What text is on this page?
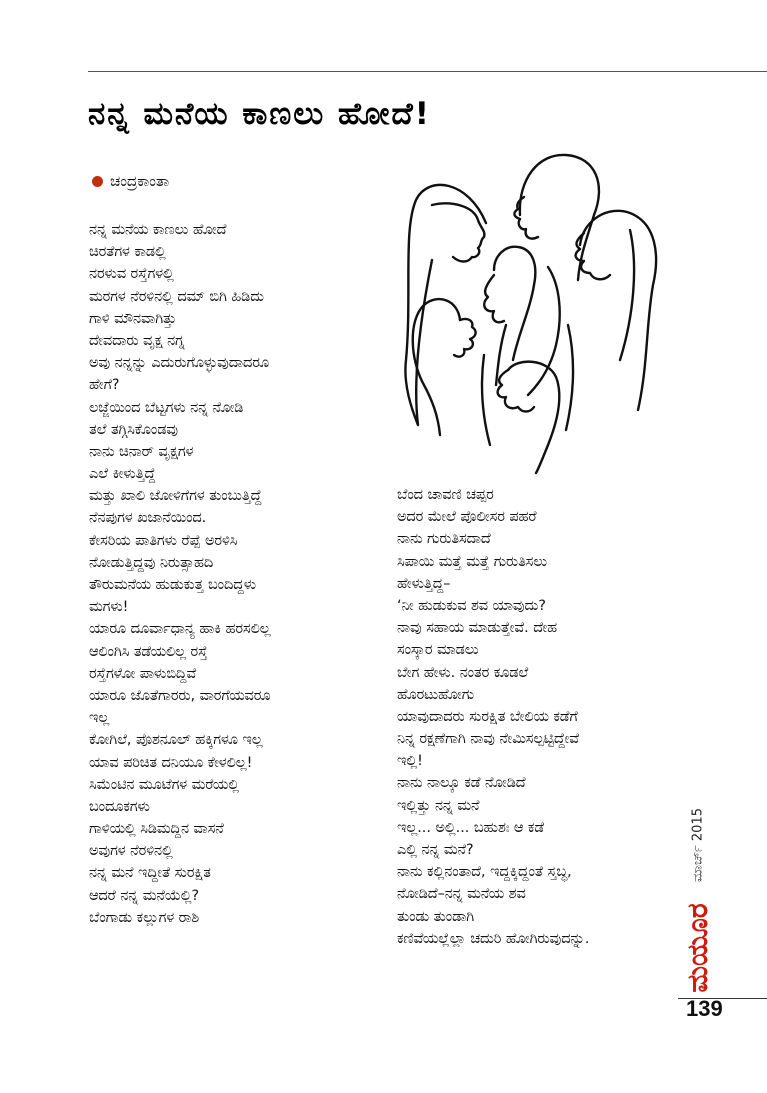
ನನ್ನ ಮನೆಯ ಕಾಣಲು ಹೋದೆ!
ಚಂದ್ರಕಾಂತಾ
ನನ್ನ ಮನೆಯ ಕಾಣಲು ಹೋದೆ
ಚಿರತೆಗಳ ಕಾಡಲ್ಲಿ
ನರಳುವ ರಸ್ತೆಗಳಲ್ಲಿ
ಮರಗಳ ನೆರಳಿನಲ್ಲಿ ದಮ್ ಬಿಗಿ ಹಿಡಿದು
ಗಾಳಿ ಮೌನವಾಗಿತ್ತು
ದೇವದಾರು ವೃಕ್ಷ ನಗ್ನ
ಅವು ನನ್ನನ್ನು ಎದುರುಗೊಳ್ಳುವುದಾದರೂ
ಹೇಗೆ?
ಲಜ್ಜೆಯಿಂದ ಬೆಟ್ಟಗಳು ನನ್ನ ನೋಡಿ
ತಲೆ ತಗ್ಗಿಸಿಕೊಂಡವು
ನಾನು ಚಿನಾರ್ ವೃಕ್ಷಗಳ
ಎಲೆ ಕೀಳುತ್ತಿದ್ದೆ
ಮತ್ತು ಖಾಲಿ ಜೋಳಿಗೆಗಳ ತುಂಬುತ್ತಿದ್ದೆ
ನೆನಪುಗಳ ಖಜಾನೆಯಿಂದ.
ಕೇಸರಿಯ ಪಾತಿಗಳು ರೆಪ್ಪೆ ಅರಳಿಸಿ
ನೋಡುತ್ತಿದ್ದವು ನಿರುತ್ಸಾಹದಿ
ತೌರುಮನೆಯ ಹುಡುಕುತ್ತ ಬಂದಿದ್ದಳು
ಮಗಳು!
ಯಾರೂ ದೂರ್ವಾಧಾನ್ಯ ಹಾಕಿ ಹರಸಲಿಲ್ಲ
ಆಲಿಂಗಿಸಿ ತಡೆಯಲಿಲ್ಲ ರಸ್ತೆ
ರಸ್ತೆಗಳೋ ಪಾಳುಬಿದ್ದಿವೆ
ಯಾರೂ ಜೊತೆಗಾರರು, ವಾರಗೆಯವರೂ
ಇಲ್ಲ
ಕೋಗಿಲೆ, ಪೊಶನೂಲ್ ಹಕ್ಕಿಗಳೂ ಇಲ್ಲ
ಯಾವ ಪರಿಚಿತ ದನಿಯೂ ಕೇಳಲಿಲ್ಲ!
ಸಿಮೆಂಟಿನ ಮೂಟೆಗಳ ಮರೆಯಲ್ಲಿ
ಬಂದೂಕಗಳು
ಗಾಳಿಯಲ್ಲಿ ಸಿಡಿಮದ್ದಿನ ವಾಸನೆ
ಅವುಗಳ ನೆರಳಿನಲ್ಲಿ
ನನ್ನ ಮನೆ ಇದ್ದೀತೆ ಸುರಕ್ಷಿತ
ಆದರೆ ನನ್ನ ಮನೆಯೆಲ್ಲಿ?
ಬೆಂಗಾಡು ಕಲ್ಲುಗಳ ರಾಶಿ
ಬೆಂದ ಚಾವಣಿ ಚಪ್ಪರ
ಅದರ ಮೇಲೆ ಪೊಲೀಸರ ಪಹರೆ
ನಾನು ಗುರುತಿಸದಾದೆ
ಸಿಪಾಯಿ ಮತ್ತೆ ಮತ್ತೆ ಗುರುತಿಸಲು
ಹೇಳುತ್ತಿದ್ದ–
‘ನೀ ಹುಡುಕುವ ಶವ ಯಾವುದು?
ನಾವು ಸಹಾಯ ಮಾಡುತ್ತೇವೆ. ದೇಹ
ಸಂಸ್ಕಾರ ಮಾಡಲು
ಬೇಗ ಹೇಳು. ನಂತರ ಕೂಡಲೆ
ಹೊರಟುಹೋಗು
ಯಾವುದಾದರು ಸುರಕ್ಷಿತ ಬೇಲಿಯ ಕಡೆಗೆ
ನಿನ್ನ ರಕ್ಷಣೆಗಾಗಿ ನಾವು ನೇಮಿಸಲ್ಪಟ್ಟಿದ್ದೇವೆ
ಇಲ್ಲಿ!
ನಾನು ನಾಲ್ಕೂ ಕಡೆ ನೋಡಿದೆ
ಇಲ್ಲಿತ್ತು ನನ್ನ ಮನೆ
ಇಲ್ಲ... ಅಲ್ಲಿ... ಬಹುಶಃ ಆ ಕಡೆ
ಎಲ್ಲಿ ನನ್ನ ಮನೆ?
ನಾನು ಕಲ್ಲಿನಂತಾದೆ, ಇದ್ದಕ್ಕಿದ್ದಂತೆ ಸ್ತಬ್ಧ,
ನೋಡಿದೆ–ನನ್ನ ಮನೆಯ ಶವ
ತುಂಡು ತುಂಡಾಗಿ
ಕಣಿವೆಯಲ್ಲೆಲ್ಲಾ ಚದುರಿ ಹೋಗಿರುವುದನ್ನು.	ಮಯೂರ
ಮಾರ್ಚ್ 2015
139
